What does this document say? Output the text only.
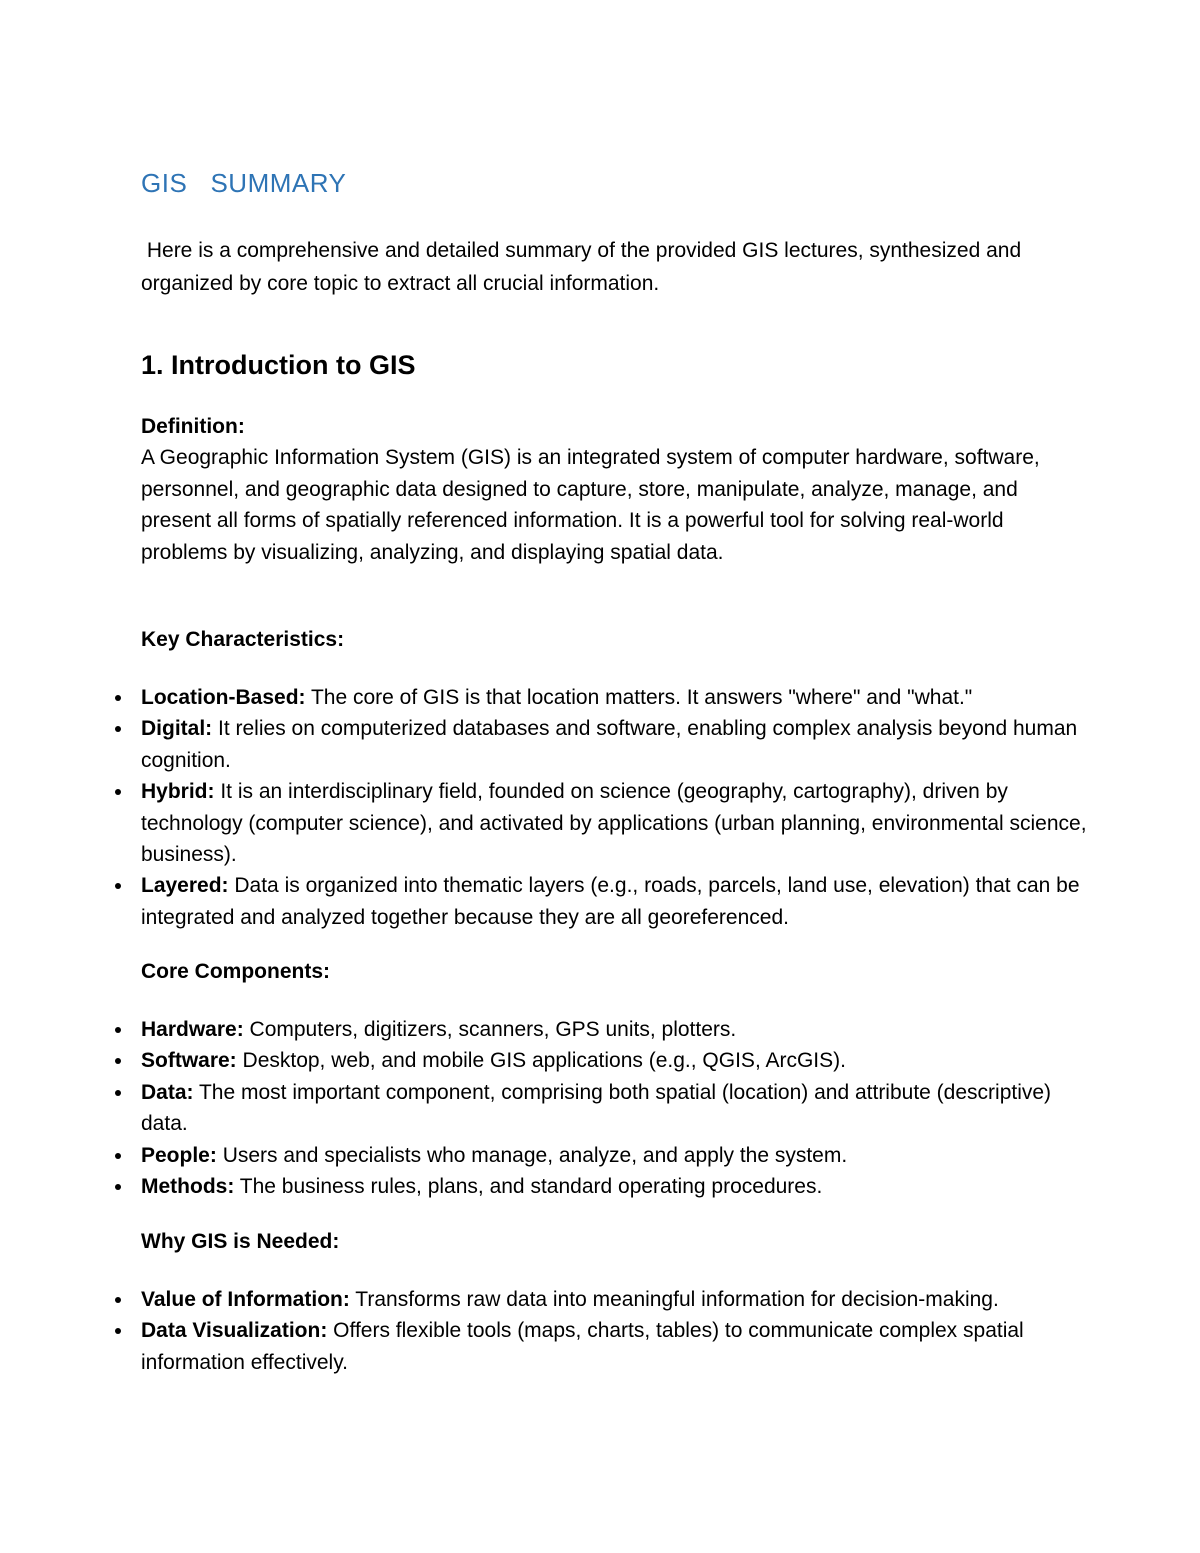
GIS   SUMMARY

Here is a comprehensive and detailed summary of the provided GIS lectures, synthesized and organized by core topic to extract all crucial information.

1. Introduction to GIS

Definition:

A Geographic Information System (GIS) is an integrated system of computer hardware, software, personnel, and geographic data designed to capture, store, manipulate, analyze, manage, and present all forms of spatially referenced information. It is a powerful tool for solving real-world problems by visualizing, analyzing, and displaying spatial data.

Key Characteristics:

Location-Based: The core of GIS is that location matters. It answers "where" and "what."
Digital: It relies on computerized databases and software, enabling complex analysis beyond human cognition.
Hybrid: It is an interdisciplinary field, founded on science (geography, cartography), driven by technology (computer science), and activated by applications (urban planning, environmental science, business).
Layered: Data is organized into thematic layers (e.g., roads, parcels, land use, elevation) that can be integrated and analyzed together because they are all georeferenced.

Core Components:

Hardware: Computers, digitizers, scanners, GPS units, plotters.
Software: Desktop, web, and mobile GIS applications (e.g., QGIS, ArcGIS).
Data: The most important component, comprising both spatial (location) and attribute (descriptive) data.
People: Users and specialists who manage, analyze, and apply the system.
Methods: The business rules, plans, and standard operating procedures.

Why GIS is Needed:

Value of Information: Transforms raw data into meaningful information for decision-making.
Data Visualization: Offers flexible tools (maps, charts, tables) to communicate complex spatial information effectively.
